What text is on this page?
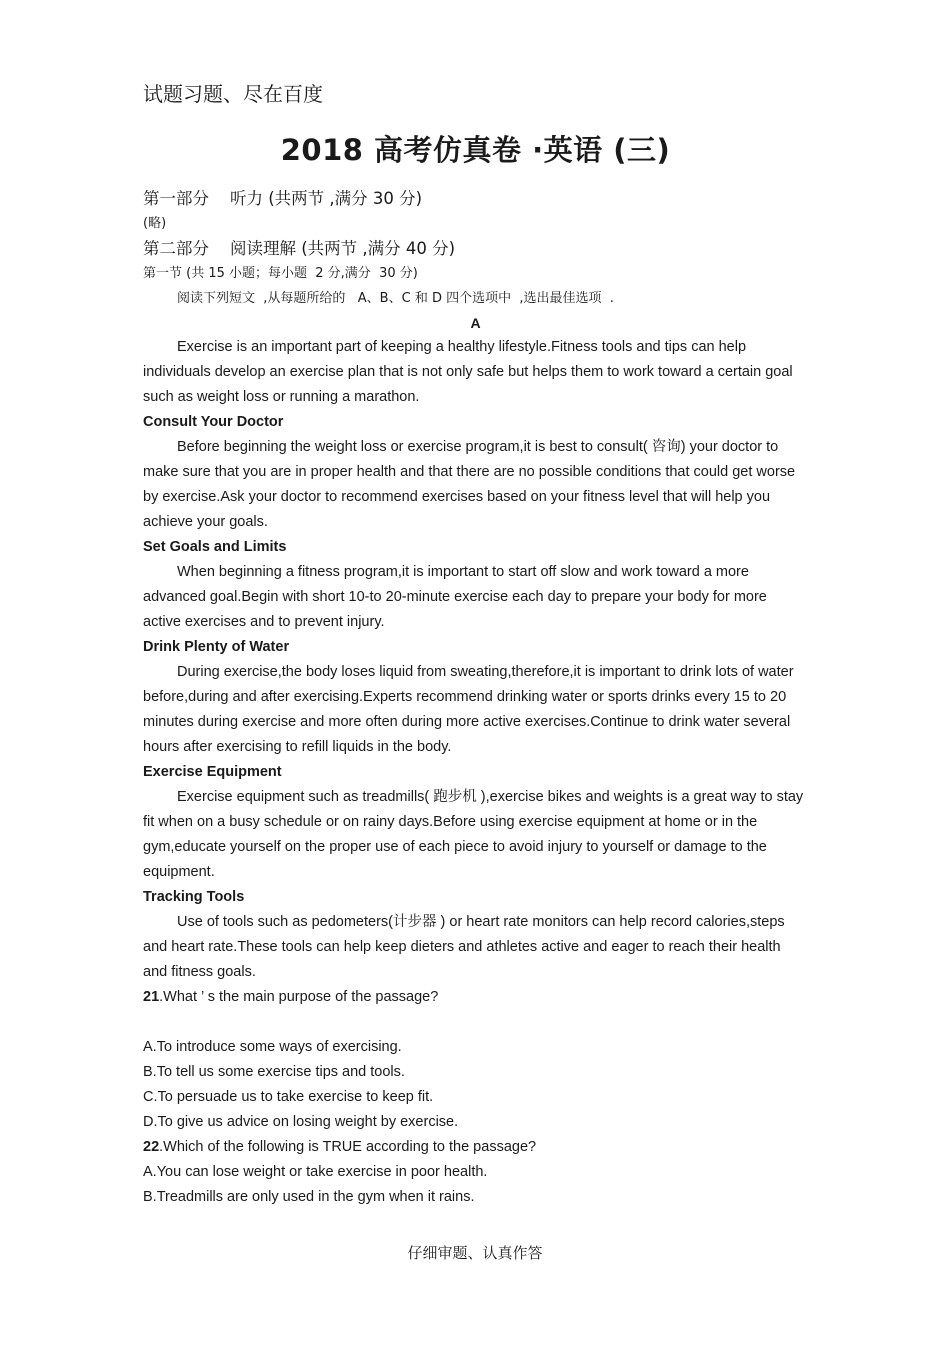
试题习题、尽在百度

2018 高考仿真卷 ·英语 (三)

第一部分    听力 (共两节 ,满分 30 分)

(略)

第二部分    阅读理解 (共两节 ,满分 40 分)

第一节 (共 15 小题；每小题  2 分,满分  30 分)

阅读下列短文  ,从每题所给的   A、B、C 和 D 四个选项中  ,选出最佳选项  .

A

Exercise is an important part of keeping a healthy lifestyle.Fitness tools and tips can help individuals develop an exercise plan that is not only safe but helps them to work toward a certain goal such as weight loss or running a marathon.

Consult Your Doctor

Before beginning the weight loss or exercise program,it is best to consult( 咨询) your doctor to make sure that you are in proper health and that there are no possible conditions that could get worse by exercise.Ask your doctor to recommend exercises based on your fitness level that will help you achieve your goals.

Set Goals and Limits

When beginning a fitness program,it is important to start off slow and work toward a more advanced goal.Begin with short 10-to 20-minute exercise each day to prepare your body for more active exercises and to prevent injury.

Drink Plenty of Water

During exercise,the body loses liquid from sweating,therefore,it is important to drink lots of water before,during and after exercising.Experts recommend drinking water or sports drinks every 15 to 20 minutes during exercise and more often during more active exercises.Continue to drink water several hours after exercising to refill liquids in the body.

Exercise Equipment

Exercise equipment such as treadmills( 跑步机 ),exercise bikes and weights is a great way to stay fit when on a busy schedule or on rainy days.Before using exercise equipment at home or in the gym,educate yourself on the proper use of each piece to avoid injury to yourself or damage to the equipment.

Tracking Tools

Use of tools such as pedometers(计步器 ) or heart rate monitors can help record calories,steps and heart rate.These tools can help keep dieters and athletes active and eager to reach their health and fitness goals.

21.What ’ s the main purpose of the passage?

A.To introduce some ways of exercising.

B.To tell us some exercise tips and tools.

C.To persuade us to take exercise to keep fit.

D.To give us advice on losing weight by exercise.

22.Which of the following is TRUE according to the passage?

A.You can lose weight or take exercise in poor health.

B.Treadmills are only used in the gym when it rains.

仔细审题、认真作答
